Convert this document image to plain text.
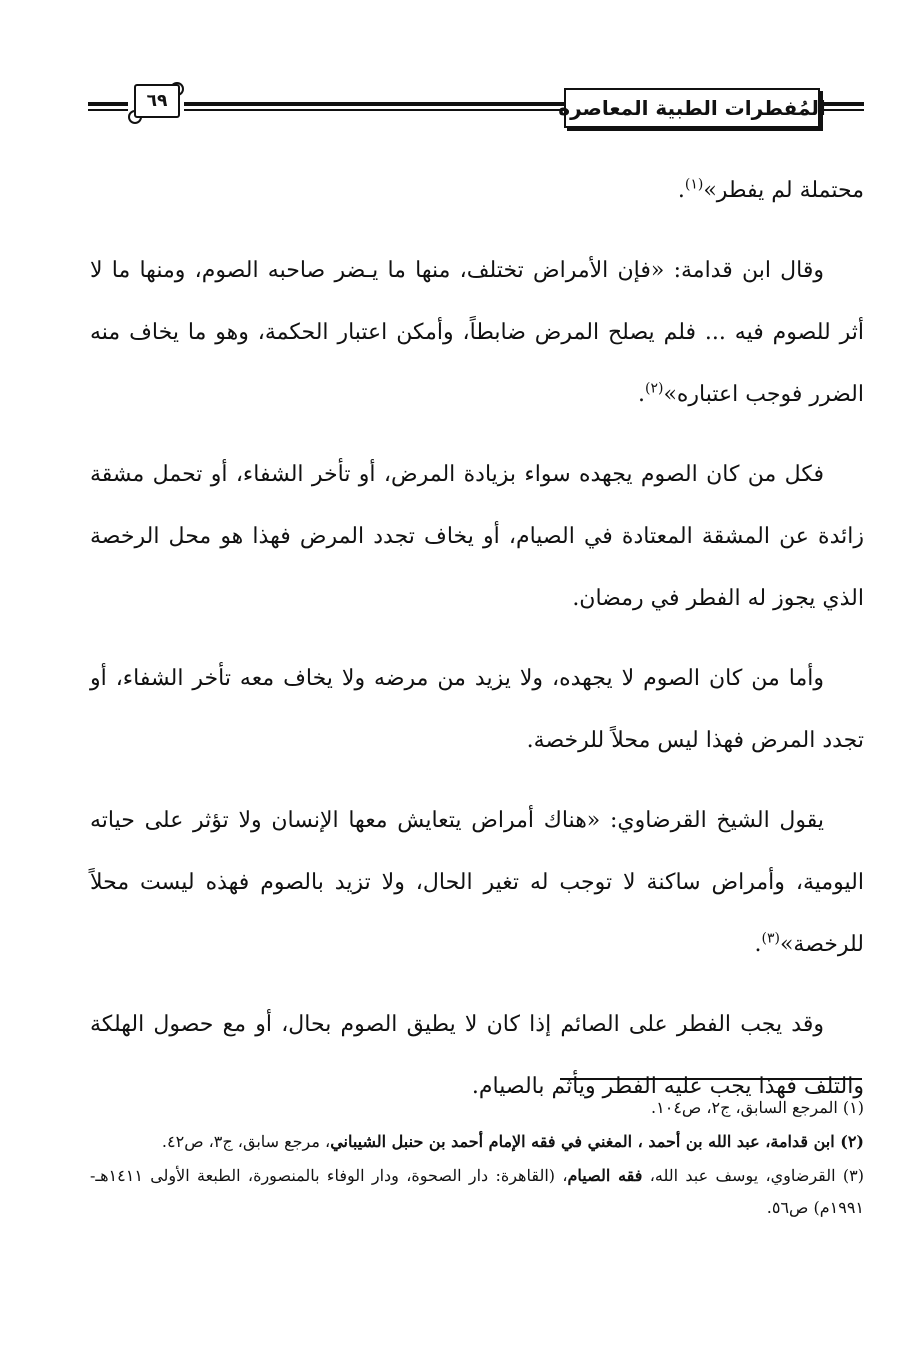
المُفطرات الطبية المعاصرة
٦٩

محتملة لم يفطر»$^{(١)}$.

وقال ابن قدامة: «فإن الأمراض تختلف، منها ما يـضر صاحبه الصوم، ومنها ما لا أثر للصوم فيه ... فلم يصلح المرض ضابطاً، وأمكن اعتبار الحكمة، وهو ما يخاف منه الضرر فوجب اعتباره»$^{(٢)}$.

فكل من كان الصوم يجهده سواء بزيادة المرض، أو تأخر الشفاء، أو تحمل مشقة زائدة عن المشقة المعتادة في الصيام، أو يخاف تجدد المرض فهذا هو محل الرخصة الذي يجوز له الفطر في رمضان.

وأما من كان الصوم لا يجهده، ولا يزيد من مرضه ولا يخاف معه تأخر الشفاء، أو تجدد المرض فهذا ليس محلاً للرخصة.

يقول الشيخ القرضاوي: «هناك أمراض يتعايش معها الإنسان ولا تؤثر على حياته اليومية، وأمراض ساكنة لا توجب له تغير الحال، ولا تزيد بالصوم فهذه ليست محلاً للرخصة»$^{(٣)}$.

وقد يجب الفطر على الصائم إذا كان لا يطيق الصوم بحال، أو مع حصول الهلكة والتلف فهذا يجب عليه الفطر ويأثم بالصيام.

(١) المرجع السابق، ج٢، ص١٠٤.

(٢) ابن قدامة، عبد الله بن أحمد ، المغني في فقه الإمام أحمد بن حنبل الشيباني، مرجع سابق، ج٣، ص٤٢.

(٣) القرضاوي، يوسف عبد الله، فقه الصيام، (القاهرة: دار الصحوة، ودار الوفاء بالمنصورة، الطبعة الأولى ١٤١١هـ- ١٩٩١م) ص٥٦.
